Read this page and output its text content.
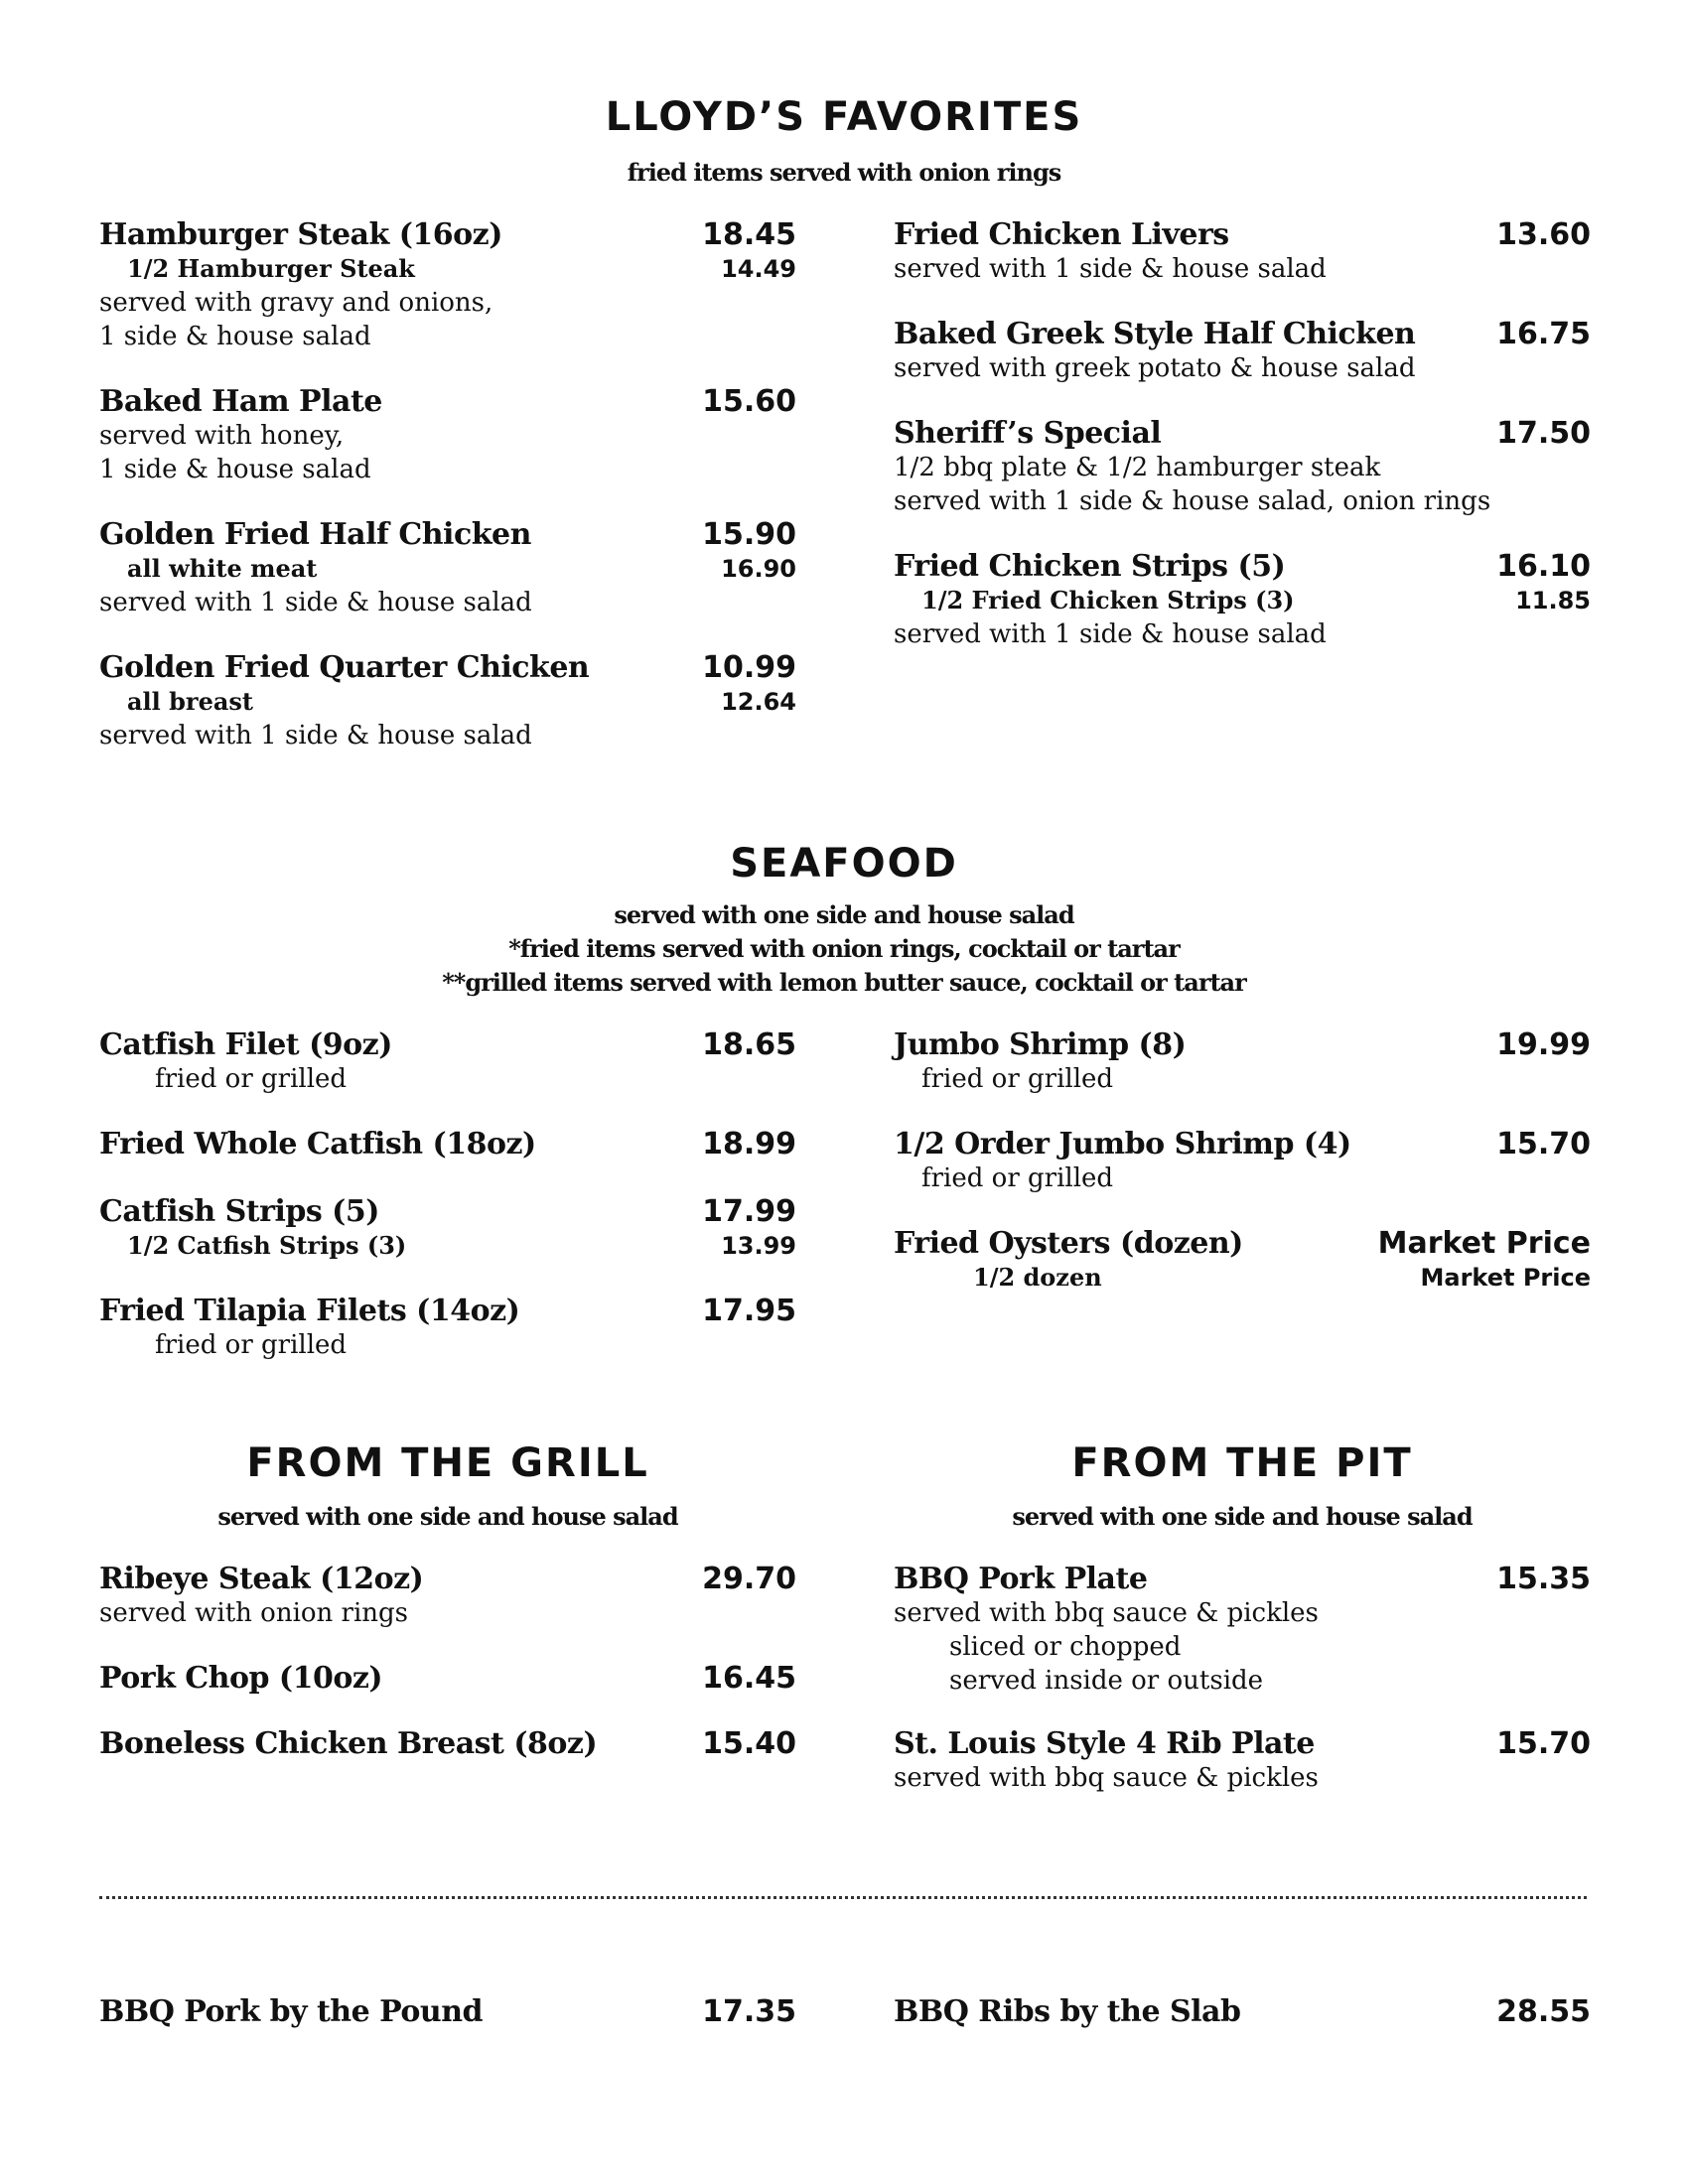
LLOYD’S FAVORITES
fried items served with onion rings
Hamburger Steak (16oz)	18.45
1/2 Hamburger Steak	14.49
served with gravy and onions,
1 side & house salad
Baked Ham Plate	15.60
served with honey,
1 side & house salad
Golden Fried Half Chicken	15.90
all white meat	16.90
served with 1 side & house salad
Golden Fried Quarter Chicken	10.99
all breast	12.64
served with 1 side & house salad
Fried Chicken Livers	13.60
served with 1 side & house salad
Baked Greek Style Half Chicken	16.75
served with greek potato & house salad
Sheriff’s Special	17.50
1/2 bbq plate & 1/2 hamburger steak
served with 1 side & house salad, onion rings
Fried Chicken Strips (5)	16.10
1/2 Fried Chicken Strips (3)	11.85
served with 1 side & house salad
SEAFOOD
served with one side and house salad
*fried items served with onion rings, cocktail or tartar
**grilled items served with lemon butter sauce, cocktail or tartar
Catfish Filet (9oz)	18.65
fried or grilled
Fried Whole Catfish (18oz)	18.99
Catfish Strips (5)	17.99
1/2 Catfish Strips (3)	13.99
Fried Tilapia Filets (14oz)	17.95
fried or grilled
Jumbo Shrimp (8)	19.99
fried or grilled
1/2 Order Jumbo Shrimp (4)	15.70
fried or grilled
Fried Oysters (dozen)	Market Price
1/2 dozen	Market Price
FROM THE GRILL
served with one side and house salad
Ribeye Steak (12oz)	29.70
served with onion rings
Pork Chop (10oz)	16.45
Boneless Chicken Breast (8oz)	15.40
FROM THE PIT
served with one side and house salad
BBQ Pork Plate	15.35
served with bbq sauce & pickles
sliced or chopped
served inside or outside
St. Louis Style 4 Rib Plate	15.70
served with bbq sauce & pickles
BBQ Pork by the Pound	17.35	BBQ Ribs by the Slab	28.55
